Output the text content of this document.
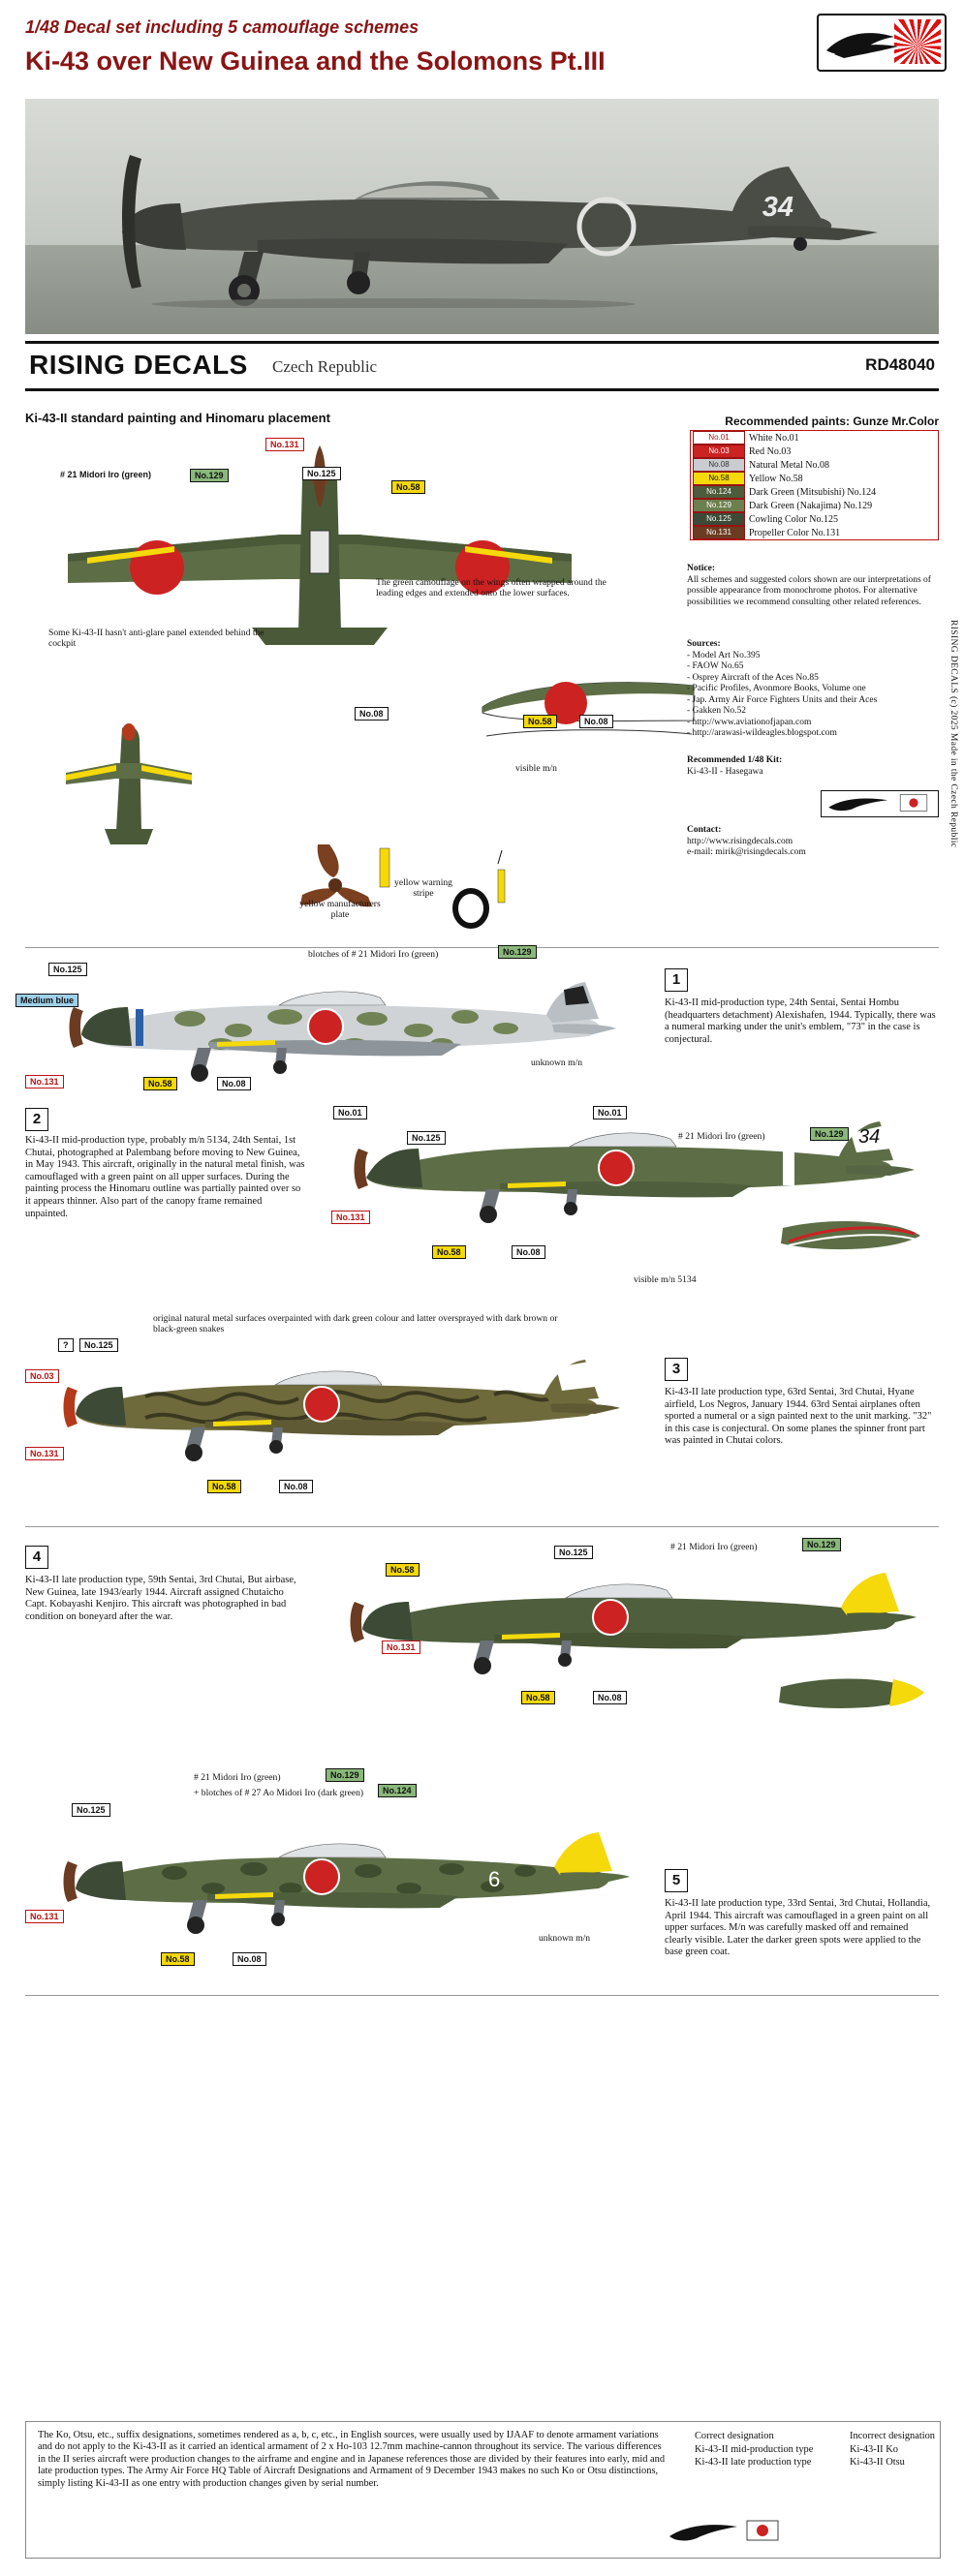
1/48 Decal set including 5 camouflage schemes
Ki-43 over New Guinea and the Solomons Pt.III
34
RISING DECALS Czech Republic	RD48040
RISING DECALS (c) 2025 Made in the Czech Republic
Ki-43-II standard painting and Hinomaru placement	Recommended paints: Gunze Mr.Color
No.01	White No.01
No.03	Red No.03
No.08	Natural Metal No.08
No.58	Yellow No.58
No.124	Dark Green (Mitsubishi) No.124
No.129	Dark Green (Nakajima) No.129
No.125	Cowling Color No.125
No.131	Propeller Color No.131
No.131
No.125
No.58
# 21 Midori Iro (green)	No.129
No.08
No.58	No.08
The green camouflage on the wings often wrapped around the leading edges and extended onto the lower surfaces.
Some Ki-43-II hasn't anti-glare panel extended behind the cockpit
yellow manufacturers plate
yellow warning stripe
visible m/n
Notice:
All schemes and suggested colors shown are our interpretations of possible appearance from monochrome photos. For alternative possibilities we recommend consulting other related references.
Sources:
- Model Art No.395
- FAOW No.65
- Osprey Aircraft of the Aces No.85
- Pacific Profiles, Avonmore Books, Volume one
- Jap. Army Air Force Fighters Units and their Aces
- Gakken No.52
- http://www.aviationofjapan.com
- http://arawasi-wildeagles.blogspot.com
Recommended 1/48 Kit:
Ki-43-II - Hasegawa
Contact:
http://www.risingdecals.com
e-mail: mirik@risingdecals.com
1
Ki-43-II mid-production type, 24th Sentai, Sentai Hombu (headquarters detachment) Alexishafen, 1944. Typically, there was a numeral marking under the unit's emblem, "73" in the case is conjectural.
No.125
Medium blue
No.131	No.58	No.08
blotches of # 21 Midori Iro (green)	No.129
unknown m/n
2
Ki-43-II mid-production type, probably m/n 5134, 24th Sentai, 1st Chutai, photographed at Palembang before moving to New Guinea, in May 1943. This aircraft, originally in the natural metal finish, was camouflaged with a green paint on all upper surfaces. During the painting process the Hinomaru outline was partially painted over so it appears thinner. Also part of the canopy frame remained unpainted.
34
No.01
No.125
No.01
# 21 Midori Iro (green)	No.129
No.131
No.58	No.08
visible m/n 5134
original natural metal surfaces overpainted with dark green colour and latter oversprayed with dark brown or black-green snakes
3
Ki-43-II late production type, 63rd Sentai, 3rd Chutai, Hyane airfield, Los Negros, January 1944. 63rd Sentai airplanes often sported a numeral or a sign painted next to the unit marking. "32" in this case is conjectural. On some planes the spinner front part was painted in Chutai colors.
No.125
No.03
No.131
No.58	No.08
?
4
Ki-43-II late production type, 59th Sentai, 3rd Chutai, But airbase, New Guinea, late 1943/early 1944. Aircraft assigned Chutaicho Capt. Kobayashi Kenjiro. This aircraft was photographed in bad condition on boneyard after the war.
No.125
No.58
No.131
No.58	No.08
# 21 Midori Iro (green)	No.129
6	5
Ki-43-II late production type, 33rd Sentai, 3rd Chutai, Hollandia, April 1944. This aircraft was camouflaged in a green paint on all upper surfaces. M/n was carefully masked off and remained clearly visible. Later the darker green spots were applied to the base green coat.
No.125
# 21 Midori Iro (green)	No.129
+ blotches of # 27 Ao Midori Iro (dark green)	No.124
No.131
No.58	No.08
unknown m/n
The Ko, Otsu, etc., suffix designations, sometimes rendered as a, b, c, etc., in English sources, were usually used by IJAAF to denote armament variations and do not apply to the Ki-43-II as it carried an identical armament of 2 x Ho-103 12.7mm machine-cannon throughout its service. The various differences in the II series aircraft were production changes to the airframe and engine and in Japanese references those are divided by their features into early, mid and late production types. The Army Air Force HQ Table of Aircraft Designations and Armament of 9 December 1943 makes no such Ko or Otsu distinctions, simply listing Ki-43-II as one entry with production changes given by serial number.
Correct designation	Incorrect designation
Ki-43-II mid-production type	Ki-43-II Ko
Ki-43-II late production type	Ki-43-II Otsu
